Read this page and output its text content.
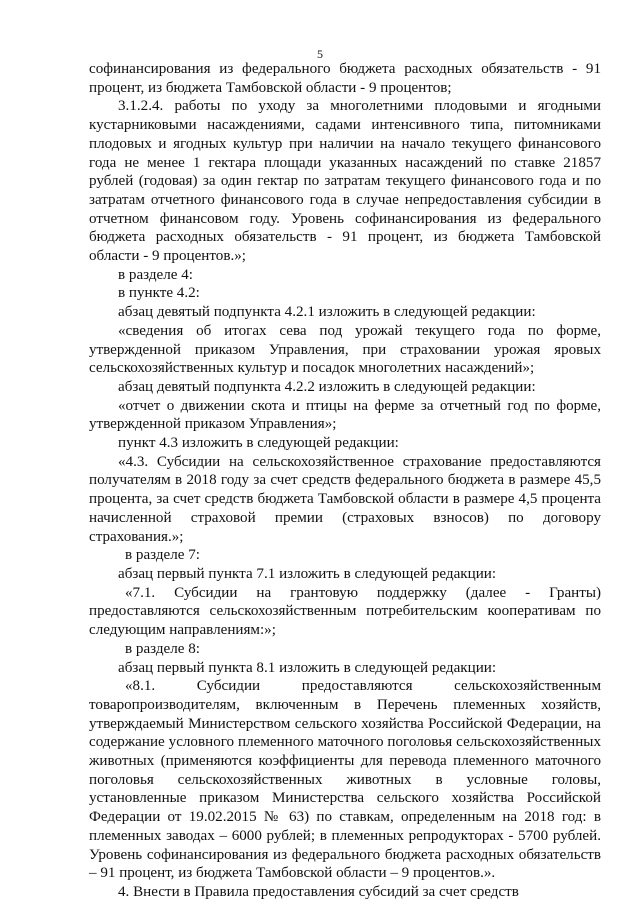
5

софинансирования из федерального бюджета расходных обязательств - 91 процент, из бюджета Тамбовской области - 9 процентов;

3.1.2.4. работы по уходу за многолетними плодовыми и ягодными кустарниковыми насаждениями, садами интенсивного типа, питомниками плодовых и ягодных культур при наличии на начало текущего финансового года не менее 1 гектара площади указанных насаждений по ставке 21857 рублей (годовая) за один гектар по затратам текущего финансового года и по затратам отчетного финансового года в случае непредоставления субсидии в отчетном финансовом году. Уровень софинансирования из федерального бюджета расходных обязательств - 91 процент, из бюджета Тамбовской области - 9 процентов.»;

в разделе 4:

в пункте 4.2:

абзац девятый подпункта 4.2.1 изложить в следующей редакции:

«сведения об итогах сева под урожай текущего года по форме, утвержденной приказом Управления, при страховании урожая яровых сельскохозяйственных культур и посадок многолетних насаждений»;

абзац девятый подпункта 4.2.2 изложить в следующей редакции:

«отчет о движении скота и птицы на ферме за отчетный год по форме, утвержденной приказом Управления»;

пункт 4.3 изложить в следующей редакции:

«4.3. Субсидии на сельскохозяйственное страхование предоставляются получателям в 2018 году за счет средств федерального бюджета в размере 45,5 процента, за счет средств бюджета Тамбовской области в размере 4,5 процента начисленной страховой премии (страховых взносов) по договору страхования.»;

в разделе 7:

абзац первый пункта 7.1 изложить в следующей редакции:

«7.1. Субсидии на грантовую поддержку (далее - Гранты) предоставляются сельскохозяйственным потребительским кооперативам по следующим направлениям:»;

в разделе 8:

абзац первый пункта 8.1 изложить в следующей редакции:

«8.1. Субсидии предоставляются сельскохозяйственным товаропроизводителям, включенным в Перечень племенных хозяйств, утверждаемый Министерством сельского хозяйства Российской Федерации, на содержание условного племенного маточного поголовья сельскохозяйственных животных (применяются коэффициенты для перевода племенного маточного поголовья сельскохозяйственных животных в условные головы, установленные приказом Министерства сельского хозяйства Российской Федерации от 19.02.2015 № 63) по ставкам, определенным на 2018 год: в племенных заводах – 6000 рублей; в племенных репродукторах - 5700 рублей. Уровень софинансирования из федерального бюджета расходных обязательств – 91 процент, из бюджета Тамбовской области – 9 процентов.».

4. Внести в Правила предоставления субсидий за счет средств
